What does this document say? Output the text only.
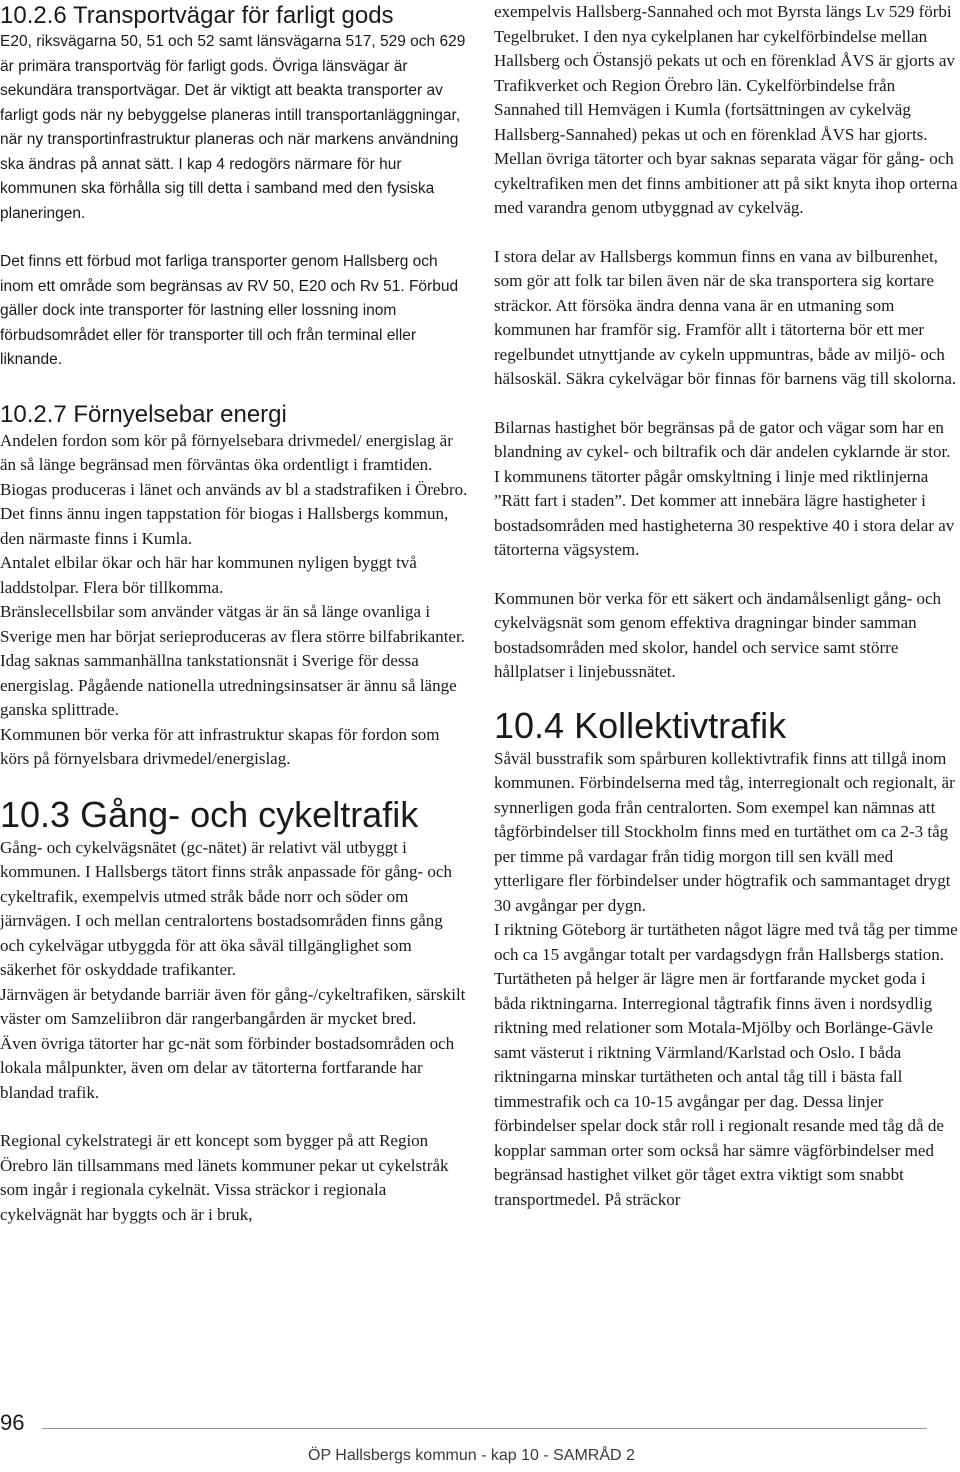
10.2.6 Transportvägar för farligt gods

E20, riksvägarna 50, 51 och 52 samt länsvägarna 517, 529 och 629 är primära transportväg för farligt gods. Övriga länsvägar är sekundära transportvägar. Det är viktigt att beakta transporter av farligt gods när ny bebyggelse planeras intill transportanläggningar, när ny transportinfrastruktur planeras och när markens användning ska ändras på annat sätt. I kap 4 redogörs närmare för hur kommunen ska förhålla sig till detta i samband med den fysiska planeringen.

Det finns ett förbud mot farliga transporter genom Hallsberg och inom ett område som begränsas av RV 50, E20 och Rv 51. Förbud gäller dock inte transporter för lastning eller lossning inom förbudsområdet eller för transporter till och från terminal eller liknande.

10.2.7 Förnyelsebar energi

Andelen fordon som kör på förnyelsebara drivmedel/ energislag är än så länge begränsad men förväntas öka ordentligt i framtiden.

Biogas produceras i länet och används av bl a stadstrafiken i Örebro. Det finns ännu ingen tappstation för biogas i Hallsbergs kommun, den närmaste finns i Kumla.

Antalet elbilar ökar och här har kommunen nyligen byggt två laddstolpar. Flera bör tillkomma.

Bränslecellsbilar som använder vätgas är än så länge ovanliga i Sverige men har börjat serieproduceras av flera större bilfabrikanter.

Idag saknas sammanhällna tankstationsnät i Sverige för dessa energislag. Pågående nationella utredningsinsatser är ännu så länge ganska splittrade.

Kommunen bör verka för att infrastruktur skapas för fordon som körs på förnyelsbara drivmedel/energislag.

10.3 Gång- och cykeltrafik

Gång- och cykelvägsnätet (gc-nätet) är relativt väl utbyggt i kommunen. I Hallsbergs tätort finns stråk anpassade för gång- och cykeltrafik, exempelvis utmed stråk både norr och söder om järnvägen. I och mellan centralortens bostadsområden finns gång och cykelvägar utbyggda för att öka såväl tillgänglighet som säkerhet för oskyddade trafikanter.

Järnvägen är betydande barriär även för gång-/cykeltrafiken, särskilt väster om Samzeliibron där rangerbangården är mycket bred.

Även övriga tätorter har gc-nät som förbinder bostadsområden och lokala målpunkter, även om delar av tätorterna fortfarande har blandad trafik.

Regional cykelstrategi är ett koncept som bygger på att Region Örebro län tillsammans med länets kommuner pekar ut cykelstråk som ingår i regionala cykelnät. Vissa sträckor i regionala cykelvägnät har byggts och är i bruk,

exempelvis Hallsberg-Sannahed och mot Byrsta längs Lv 529 förbi Tegelbruket. I den nya cykelplanen har cykelförbindelse mellan Hallsberg och Östansjö pekats ut och en förenklad ÅVS är gjorts av Trafikverket och Region Örebro län. Cykelförbindelse från Sannahed till Hemvägen i Kumla (fortsättningen av cykelväg Hallsberg-Sannahed) pekas ut och en förenklad ÅVS har gjorts. Mellan övriga tätorter och byar saknas separata vägar för gång- och cykeltrafiken men det finns ambitioner att på sikt knyta ihop orterna med varandra genom utbyggnad av cykelväg.

I stora delar av Hallsbergs kommun finns en vana av bilburenhet, som gör att folk tar bilen även när de ska transportera sig kortare sträckor. Att försöka ändra denna vana är en utmaning som kommunen har framför sig. Framför allt i tätorterna bör ett mer regelbundet utnyttjande av cykeln uppmuntras, både av miljö- och hälsoskäl. Säkra cykelvägar bör finnas för barnens väg till skolorna.

Bilarnas hastighet bör begränsas på de gator och vägar som har en blandning av cykel- och biltrafik och där andelen cyklarnde är stor.

I kommunens tätorter pågår omskyltning i linje med riktlinjerna ”Rätt fart i staden”. Det kommer att innebära lägre hastigheter i bostadsområden med hastigheterna 30 respektive 40 i stora delar av tätorterna vägsystem.

Kommunen bör verka för ett säkert och ändamålsenligt gång- och cykelvägsnät som genom effektiva dragningar binder samman bostadsområden med skolor, handel och service samt större hållplatser i linjebussnätet.

10.4 Kollektivtrafik

Såväl busstrafik som spårburen kollektivtrafik finns att tillgå inom kommunen. Förbindelserna med tåg, interregionalt och regionalt, är synnerligen goda från centralorten. Som exempel kan nämnas att tågförbindelser till Stockholm finns med en turtäthet om ca 2-3 tåg per timme på vardagar från tidig morgon till sen kväll med ytterligare fler förbindelser under högtrafik och sammantaget drygt 30 avgångar per dygn.

I riktning Göteborg är turtätheten något lägre med två tåg per timme och ca 15 avgångar totalt per vardagsdygn från Hallsbergs station. Turtätheten på helger är lägre men är fortfarande mycket goda i båda riktningarna. Interregional tågtrafik finns även i nordsydlig riktning med relationer som Motala-Mjölby och Borlänge-Gävle samt västerut i riktning Värmland/Karlstad och Oslo. I båda riktningarna minskar turtätheten och antal tåg till i bästa fall timmestrafik och ca 10-15 avgångar per dag. Dessa linjer förbindelser spelar dock står roll i regionalt resande med tåg då de kopplar samman orter som också har sämre vägförbindelser med begränsad hastighet vilket gör tåget extra viktigt som snabbt transportmedel. På sträckor

96
ÖP Hallsbergs kommun - kap 10 - SAMRÅD 2
